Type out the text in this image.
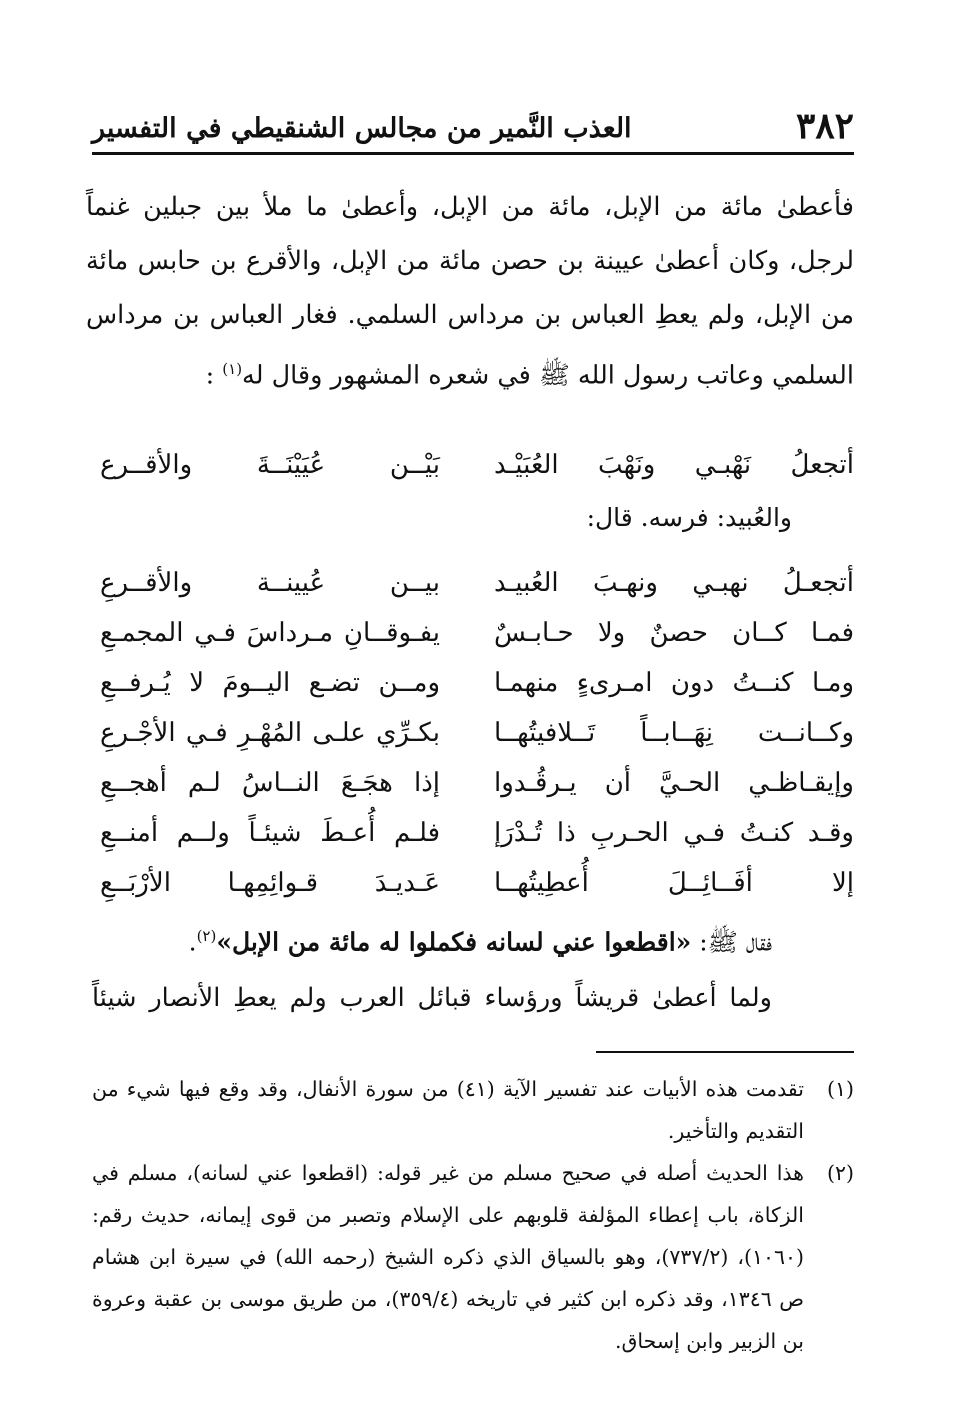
٣٨٢
العذب النَّمير من مجالس الشنقيطي في التفسير
فأعطىٰ مائة من الإبل، مائة من الإبل، وأعطىٰ ما ملأ بين جبلين غنماً لرجل، وكان أعطىٰ عيينة بن حصن مائة من الإبل، والأقرع بن حابس مائة من الإبل، ولم يعطِ العباس بن مرداس السلمي. فغار العباس بن مرداس السلمي وعاتب رسول الله ﷺ في شعره المشهور وقال له$^{(١)}$ :
أتجعلُ نَهْبـي ونَهْبَ العُبَيْـد
بَيْــن عُيَيْنَــةَ والأقــرع
والعُبيد: فرسه. قال:
أتجعـلُ نهبـي ونهـبَ العُبيـد
بيــن عُيينــة والأقــرعِ
فمـا كــان حصنٌ ولا حـابـسٌ
يفـوقــانِ مـرداسَ فـي المجمـعِ
ومـا كنــتُ دون امـرىءٍ منهمـا
ومــن تضـع اليــومَ لا يُـرفــعِ
وكــانــت نِهَــابــاً تَــلافيتُهــا
بكـرِّي علـى المُهْـرِ فـي الأجْـرعِ
وإيقـاظـي الحـيَّ أن يـرقُـدوا
إذا هجَـعَ النــاسُ لـم أهجــعِ
وقـد كنـتُ فـي الحـربِ ذا تُـدْرَإ
فلـم أُعـطَ شيئـاً ولــم أمنــعِ
إلا أفَــائِــلَ أُعطِيتُهــا
عَـديـدَ قـوائِمِهـا الأرْبَــعِ
فقال ﷺ: «اقطعوا عني لسانه فكملوا له مائة من الإبل»$^{(٢)}$.
ولما أعطىٰ قريشاً ورؤساء قبائل العرب ولم يعطِ الأنصار شيئاً
(١)
تقدمت هذه الأبيات عند تفسير الآية (٤١) من سورة الأنفال، وقد وقع فيها شيء من التقديم والتأخير.
(٢)
هذا الحديث أصله في صحيح مسلم من غير قوله: (اقطعوا عني لسانه)، مسلم في الزكاة، باب إعطاء المؤلفة قلوبهم على الإسلام وتصبر من قوى إيمانه، حديث رقم: (١٠٦٠)، (٧٣٧/٢)، وهو بالسياق الذي ذكره الشيخ (رحمه الله) في سيرة ابن هشام ص ١٣٤٦، وقد ذكره ابن كثير في تاريخه (٣٥٩/٤)، من طريق موسى بن عقبة وعروة بن الزبير وابن إسحاق.
